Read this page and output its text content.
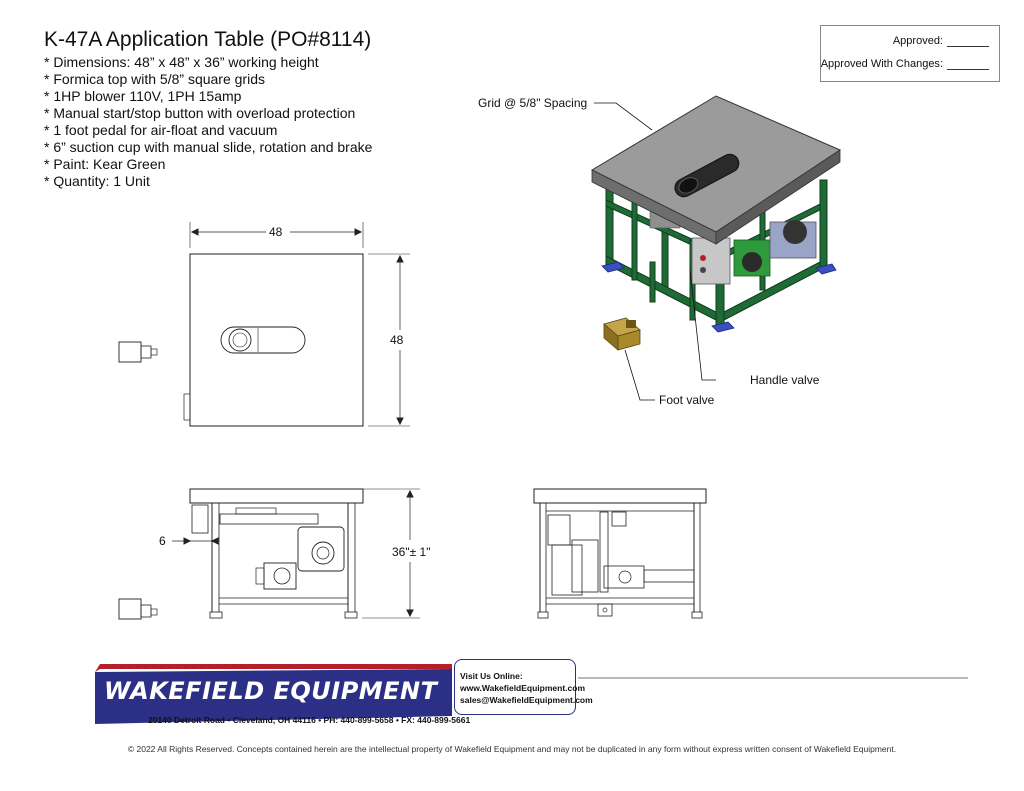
K-47A Application Table (PO#8114)
* Dimensions: 48” x 48” x 36” working height
* Formica top with 5/8” square grids
* 1HP blower 110V, 1PH 15amp
* Manual start/stop button with overload protection
* 1 foot pedal for air-float and vacuum
* 6” suction cup with manual slide, rotation and brake
* Paint: Kear Green
* Quantity: 1 Unit
Approved:
Approved With Changes:
Grid @ 5/8" Spacing
Handle valve
Foot valve
48
48
6
36"± 1"
WAKEFIELD EQUIPMENT
20140 Detroit Road • Cleveland, OH 44116 • PH: 440-899-5658 • FX: 440-899-5661
Visit Us Online:
www.WakefieldEquipment.com
sales@WakefieldEquipment.com
© 2022 All Rights Reserved. Concepts contained herein are the intellectual property of Wakefield Equipment and may not be duplicated in any form without express written consent of Wakefield Equipment.
